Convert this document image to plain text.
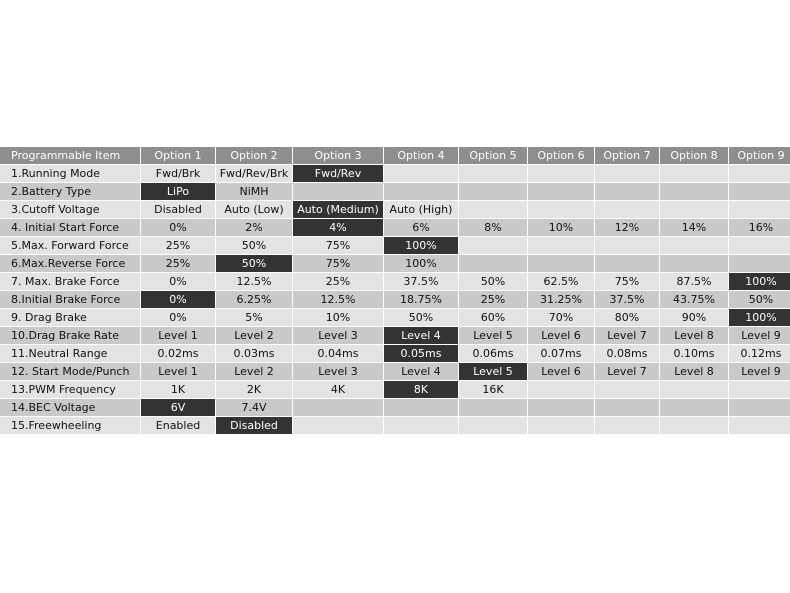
Programmable Item	Option 1	Option 2	Option 3	Option 4	Option 5	Option 6	Option 7	Option 8	Option 9
1.Running Mode	Fwd/Brk	Fwd/Rev/Brk	Fwd/Rev						
2.Battery Type	LiPo	NiMH							
3.Cutoff Voltage	Disabled	Auto (Low)	Auto (Medium)	Auto (High)					
4. Initial Start Force	0%	2%	4%	6%	8%	10%	12%	14%	16%
5.Max. Forward Force	25%	50%	75%	100%					
6.Max.Reverse Force	25%	50%	75%	100%					
7. Max. Brake Force	0%	12.5%	25%	37.5%	50%	62.5%	75%	87.5%	100%
8.Initial Brake Force	0%	6.25%	12.5%	18.75%	25%	31.25%	37.5%	43.75%	50%
9. Drag Brake	0%	5%	10%	50%	60%	70%	80%	90%	100%
10.Drag Brake Rate	Level 1	Level 2	Level 3	Level 4	Level 5	Level 6	Level 7	Level 8	Level 9
11.Neutral Range	0.02ms	0.03ms	0.04ms	0.05ms	0.06ms	0.07ms	0.08ms	0.10ms	0.12ms
12. Start Mode/Punch	Level 1	Level 2	Level 3	Level 4	Level 5	Level 6	Level 7	Level 8	Level 9
13.PWM Frequency	1K	2K	4K	8K	16K				
14.BEC Voltage	6V	7.4V							
15.Freewheeling	Enabled	Disabled							
